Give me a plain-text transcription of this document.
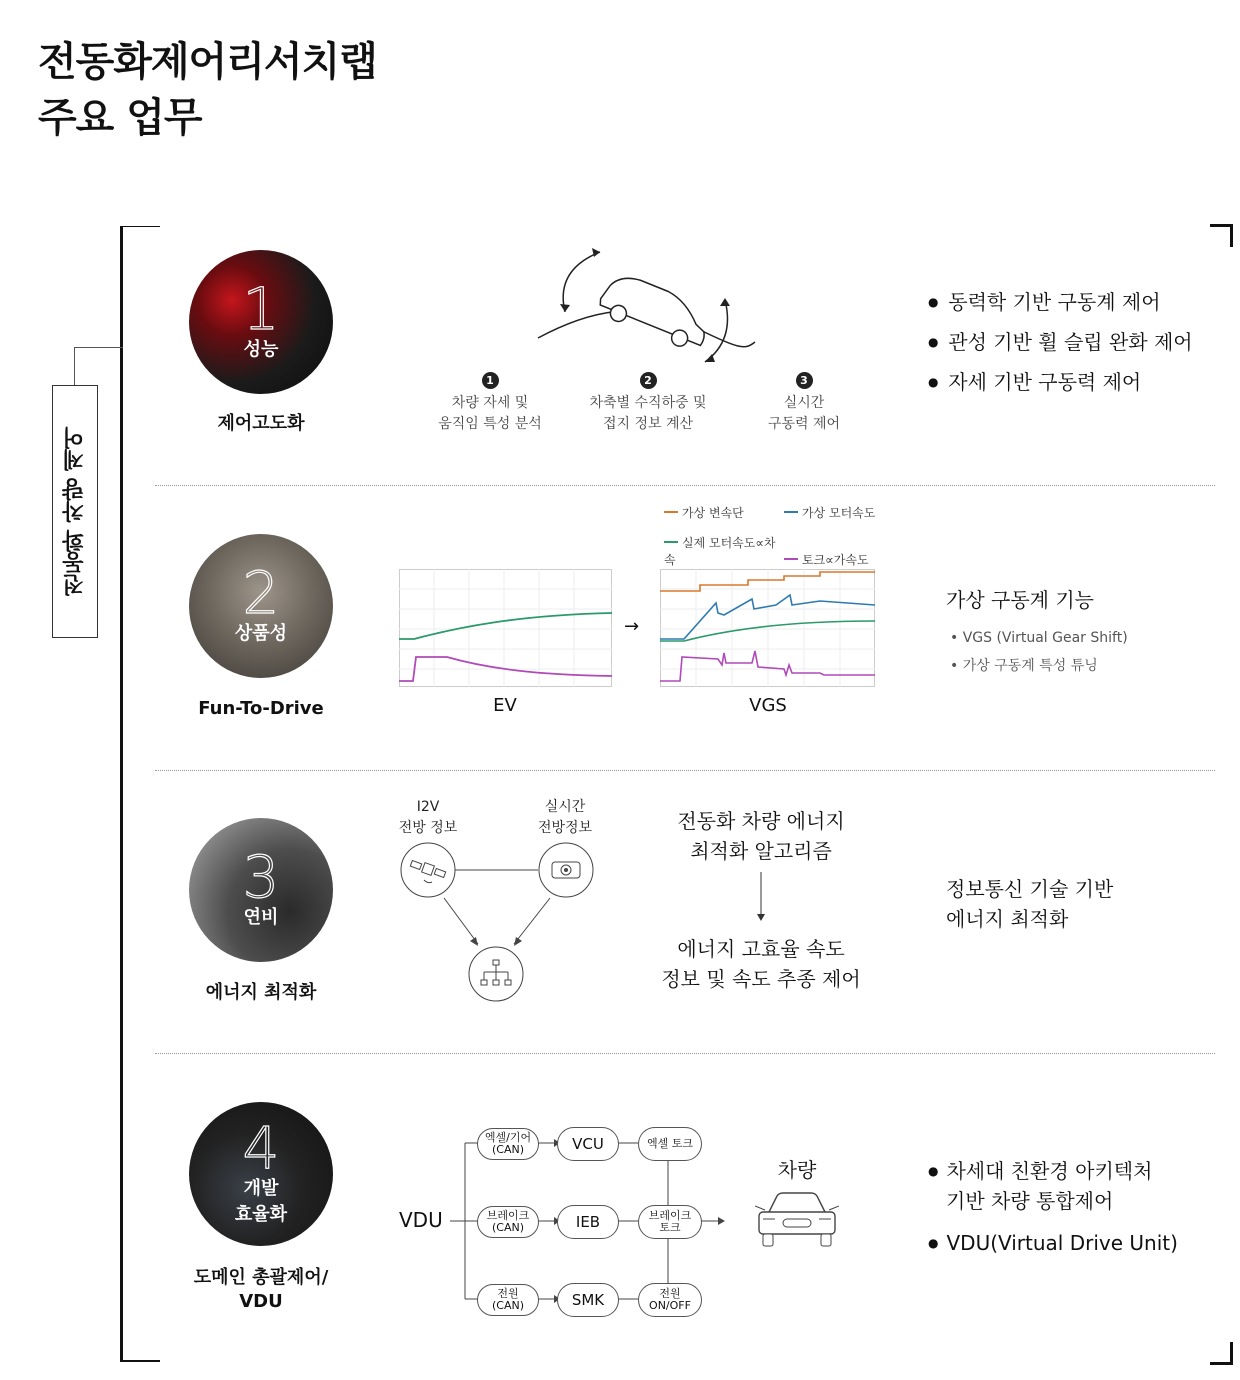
전동화제어리서치랩
주요 업무
전동화 차량 제어
1
성능
제어고도화
1
차량 자세 및
움직임 특성 분석
2
차축별 수직하중 및
접지 정보 계산
3
실시간
구동력 제어
● 동력학 기반 구동계 제어
● 관성 기반 휠 슬립 완화 제어
● 자세 기반 구동력 제어
2
상품성
Fun-To-Drive
가상 변속단	가상 모터속도
실제 모터속도∝차속	토크∝가속도
EV
→
VGS
가상 구동계 기능
• VGS (Virtual Gear Shift)
• 가상 구동계 특성 튜닝
3
연비
에너지 최적화
I2V
전방 정보
실시간
전방정보	전동화 차량 에너지
최적화 알고리즘
에너지 고효율 속도
정보 및 속도 추종 제어
정보통신 기술 기반
에너지 최적화
4
개발
효율화
도메인 총괄제어/
VDU
VDU
엑셀/기어
(CAN)	VCU	엑셀 토크
브레이크
(CAN)	IEB	브레이크
토크
전원
(CAN)	SMK	전원
ON/OFF
차량	● 차세대 친환경 아키텍처
기반 차량 통합제어
● VDU(Virtual Drive Unit)
